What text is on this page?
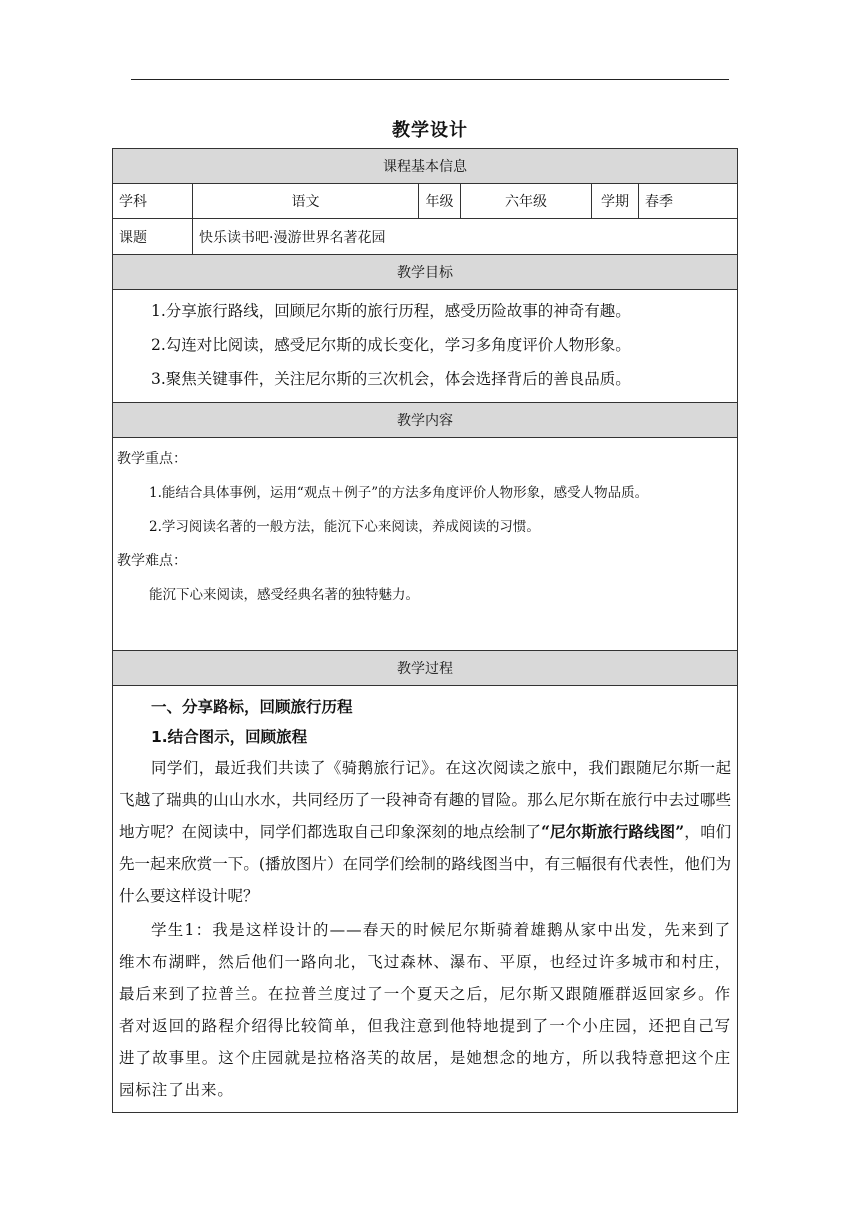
教学设计
课程基本信息					
学科	语文	年级	六年级	学期	春季
课题	快乐读书吧·漫游世界名著花园				
教学目标					

1.分享旅行路线，回顾尼尔斯的旅行历程，感受历险故事的神奇有趣。
2.勾连对比阅读，感受尼尔斯的成长变化，学习多角度评价人物形象。
3.聚焦关键事件，关注尼尔斯的三次机会，体会选择背后的善良品质。					

教学内容					

教学重点：
1.能结合具体事例，运用“观点＋例子”的方法多角度评价人物形象，感受人物品质。
2.学习阅读名著的一般方法，能沉下心来阅读，养成阅读的习惯。
教学难点：
能沉下心来阅读，感受经典名著的独特魅力。					

教学过程					

一、分享路标，回顾旅行历程
1.结合图示，回顾旅程

同学们，最近我们共读了《骑鹅旅行记》。在这次阅读之旅中，我们跟随尼尔斯一起飞越了瑞典的山山水水，共同经历了一段神奇有趣的冒险。那么尼尔斯在旅行中去过哪些地方呢？在阅读中，同学们都选取自己印象深刻的地点绘制了“尼尔斯旅行路线图”，咱们先一起来欣赏一下。(播放图片）在同学们绘制的路线图当中，有三幅很有代表性，他们为什么要这样设计呢？

学生1：我是这样设计的——春天的时候尼尔斯骑着雄鹅从家中出发，先来到了维木布湖畔，然后他们一路向北，飞过森林、瀑布、平原，也经过许多城市和村庄，最后来到了拉普兰。在拉普兰度过了一个夏天之后，尼尔斯又跟随雁群返回家乡。作者对返回的路程介绍得比较简单，但我注意到他特地提到了一个小庄园，还把自己写进了故事里。这个庄园就是拉格洛芙的故居，是她想念的地方，所以我特意把这个庄园标注了出来。					
